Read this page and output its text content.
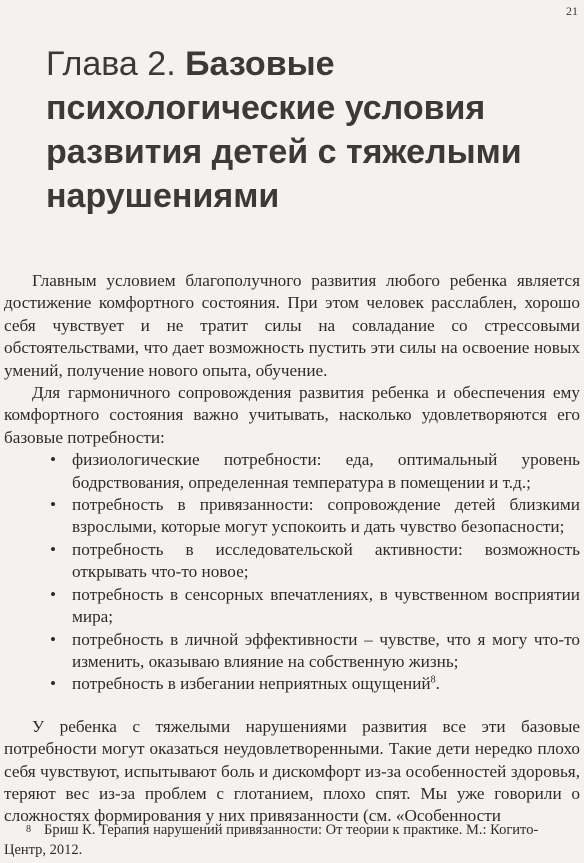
21
Глава 2. Базовые психологические условия развития детей с тяжелыми нарушениями

Главным условием благополучного развития любого ребенка является достижение комфортного состояния. При этом человек расслаблен, хорошо себя чувствует и не тратит силы на совладание со стрессовыми обстоятельствами, что дает возможность пустить эти силы на освоение новых умений, получение нового опыта, обучение.

Для гармоничного сопровождения развития ребенка и обеспечения ему комфортного состояния важно учитывать, насколько удовлетворяются его базовые потребности:

• физиологические потребности: еда, оптимальный уровень бодрствования, определенная температура в помещении и т.д.;
• потребность в привязанности: сопровождение детей близкими взрослыми, которые могут успокоить и дать чувство безопасности;
• потребность в исследовательской активности: возможность открывать что-то новое;
• потребность в сенсорных впечатлениях, в чувственном восприятии мира;
• потребность в личной эффективности – чувстве, что я могу что-то изменить, оказываю влияние на собственную жизнь;
• потребность в избегании неприятных ощущений$^8$.

У ребенка с тяжелыми нарушениями развития все эти базовые потребности могут оказаться неудовлетворенными. Такие дети нередко плохо себя чувствуют, испытывают боль и дискомфорт из-за особенностей здоровья, теряют вес из-за проблем с глотанием, плохо спят. Мы уже говорили о сложностях формирования у них привязанности (см. «Особенности

8 Бриш К. Терапия нарушений привязанности: От теории к практике. М.: Когито-Центр, 2012.
